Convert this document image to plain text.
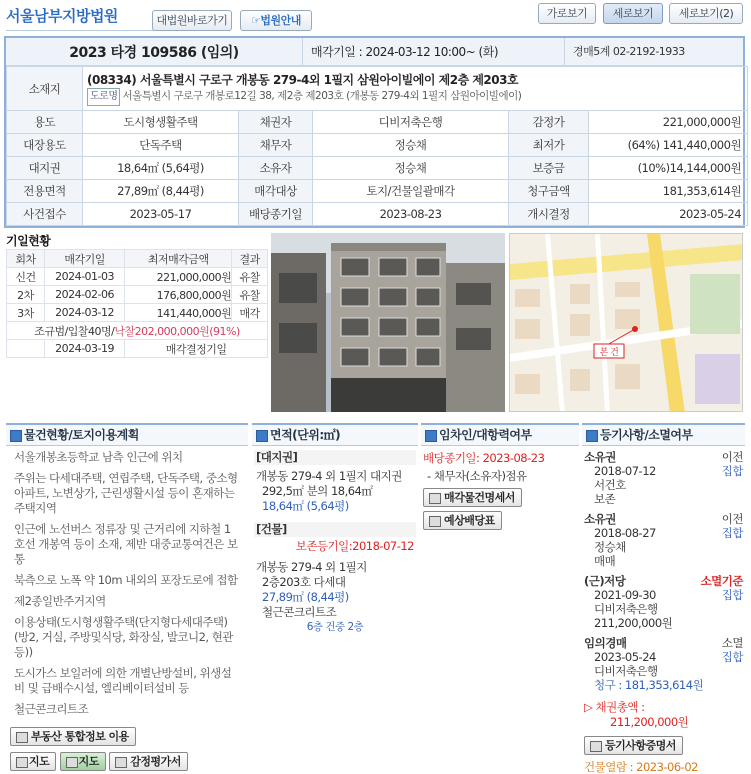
서울남부지방법원	대법원바로가기	☞법원안내
가로보기	세로보기	세로보기(2)
2023 타경 109586 (임의)	매각기일 : 2024-03-12 10:00~ (화)	경매5계 02-2192-1933
소재지	(08334) 서울특별시 구로구 개봉동 279-4외 1필지 삼원아이빌에이 제2층 제203호
도로명 서울특별시 구로구 개봉로12길 38, 제2층 제203호 (개봉동 279-4외 1필지 삼원아이빌에이)				

용도	도시형생활주택	채권자	디비저축은행	감정가	221,000,000원
대장용도	단독주택	채무자	정승채	최저가	(64%) 141,440,000원
대지권	18,64㎡ (5,64평)	소유자	정승채	보증금	(10%)14,144,000원
전용면적	27,89㎡ (8,44평)	매각대상	토지/건물일괄매각	청구금액	181,353,614원
사건접수	2023-05-17	배당종기일	2023-08-23	개시결정	2023-05-24
기일현황
회차	매각기일	최저매각금액	결과
신건	2024-01-03	221,000,000원	유찰
2차	2024-02-06	176,800,000원	유찰
3차	2024-03-12	141,440,000원	매각
조규범/입찰40명/낙찰202,000,000원(91%)			
	2024-03-19	매각결정기일		본 건
물건현황/토지이용계획
서울개봉초등학교 남측 인근에 위치
주위는 다세대주택, 연립주택, 단독주택, 중소형 아파트, 노변상가, 근린생활시설 등이 혼재하는 주택지역
인근에 노선버스 정류장 및 근거리에 지하철 1호선 개봉역 등이 소재, 제반 대중교통여건은 보통
북측으로 노폭 약 10m 내외의 포장도로에 접함
제2종일반주거지역
이용상태(도시형생활주택(단지형다세대주택)(방2, 거실, 주방및식당, 화장실, 발코니2, 현관 등))
도시가스 보일러에 의한 개별난방설비, 위생설비 및 급배수시설, 엘리베이터설비 등
철근콘크리트조
부동산 통합정보 이용
지도	지도	감정평가서
면적(단위:㎡)
[대지권]
개봉동 279-4 외 1필지 대지권
292,5㎡ 분의 18,64㎡
18,64㎡ (5,64평)
[건물]
보존등기일:2018-07-12
개봉동 279-4 외 1필지
2층203호 다세대
27,89㎡ (8,44평)
철근콘크리트조
6층 건중 2층
임차인/대항력여부
배당종기일: 2023-08-23
- 채무자(소유자)점유
매각물건명세서
예상배당표
등기사항/소멸여부
소유권	이전
2018-07-12	집합
서건호
보존
소유권	이전
2018-08-27	집합
정승채
매매
(근)저당	소멸기준
2021-09-30	집합
디비저축은행
211,200,000원
임의경매	소멸
2023-05-24	집합
디비저축은행
청구 : 181,353,614원
▷ 채권총액 :
211,200,000원
등기사항증명서
건물열람 : 2023-06-02
